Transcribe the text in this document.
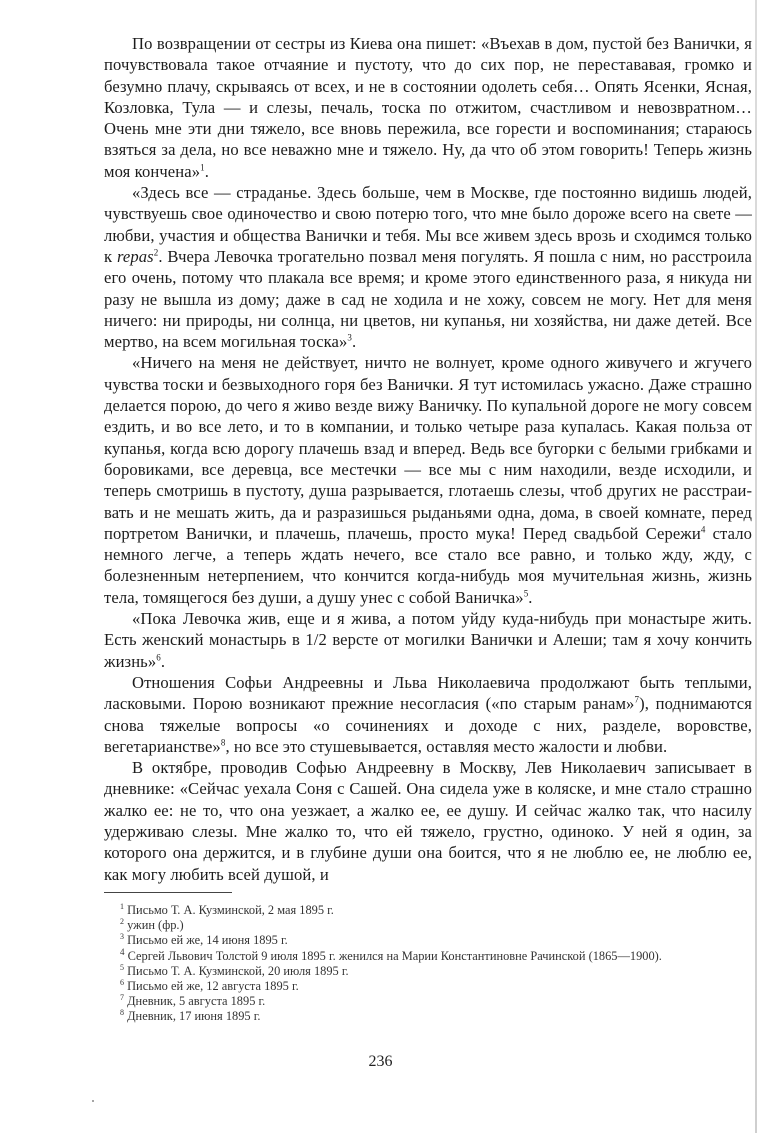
По возвращении от сестры из Киева она пишет: «Въехав в дом, пустой без Ванички, я почувствовала такое отчаяние и пустоту, что до сих пор, не перестававая, громко и безумно плачу, скрываясь от всех, и не в состоянии одолеть себя… Опять Ясенки, Ясная, Козловка, Тула — и слезы, печаль, тоска по отжитом, счастливом и невозвратном… Очень мне эти дни тяжело, все вновь пережила, все горести и воспоминания; стараюсь взяться за дела, но все неважно мне и тяжело. Ну, да что об этом говорить! Теперь жизнь моя кончена»$^1$.

«Здесь все — страданье. Здесь больше, чем в Москве, где постоянно видишь людей, чувствуешь свое одиночество и свою потерю того, что мне было дороже всего на свете — любви, участия и общества Ванички и тебя. Мы все живем здесь врозь и сходимся только к repas$^2$. Вчера Левочка трогательно позвал меня погулять. Я пошла с ним, но расстроила его очень, потому что плакала все время; и кроме этого единственного раза, я никуда ни разу не вышла из дому; даже в сад не ходила и не хожу, совсем не могу. Нет для меня ничего: ни природы, ни солнца, ни цветов, ни купанья, ни хозяйства, ни даже детей. Все мертво, на всем могильная тоска»$^3$.

«Ничего на меня не действует, ничто не волнует, кроме одного живучего и жгучего чувства тоски и безвыходного горя без Ванички. Я тут истомилась ужасно. Даже страшно делается порою, до чего я живо везде вижу Ваничку. По купальной дороге не могу совсем ездить, и во все лето, и то в компании, и только четыре раза купалась. Какая польза от купанья, когда всю дорогу плачешь взад и вперед. Ведь все бугорки с белыми грибками и боровиками, все деревца, все местечки — все мы с ним находили, везде исходили, и теперь смотришь в пустоту, душа разрывается, глотаешь слезы, чтоб других не расстраивать и не мешать жить, да и разразишься рыданьями одна, дома, в своей комнате, перед портретом Ванички, и плачешь, плачешь, просто мука! Перед свадьбой Сережи$^4$ стало немного легче, а теперь ждать нечего, все стало все равно, и только жду, жду, с болезненным нетерпением, что кончится когда-нибудь моя мучительная жизнь, жизнь тела, томящегося без души, а душу унес с собой Ваничка»$^5$.

«Пока Левочка жив, еще и я жива, а потом уйду куда-нибудь при монастыре жить. Есть женский монастырь в 1/2 версте от могилки Ванички и Алеши; там я хочу кончить жизнь»$^6$.

Отношения Софьи Андреевны и Льва Николаевича продолжают быть теплыми, ласковыми. Порою возникают прежние несогласия («по старым ранам»$^7$), поднимаются снова тяжелые вопросы «о сочинениях и доходе с них, разделе, воровстве, вегетарианстве»$^8$, но все это стушевывается, оставляя место жалости и любви.

В октябре, проводив Софью Андреевну в Москву, Лев Николаевич записывает в дневнике: «Сейчас уехала Соня с Сашей. Она сидела уже в коляске, и мне стало страшно жалко ее: не то, что она уезжает, а жалко ее, ее душу. И сейчас жалко так, что насилу удерживаю слезы. Мне жалко то, что ей тяжело, грустно, одиноко. У ней я один, за которого она держится, и в глубине души она боится, что я не люблю ее, не люблю ее, как могу любить всей душой, и

$^1$ Письмо Т. А. Кузминской, 2 мая 1895 г.
$^2$ ужин (фр.)
$^3$ Письмо ей же, 14 июня 1895 г.
$^4$ Сергей Львович Толстой 9 июля 1895 г. женился на Марии Константиновне Рачинской (1865—1900).
$^5$ Письмо Т. А. Кузминской, 20 июля 1895 г.
$^6$ Письмо ей же, 12 августа 1895 г.
$^7$ Дневник, 5 августа 1895 г.
$^8$ Дневник, 17 июня 1895 г.
236
